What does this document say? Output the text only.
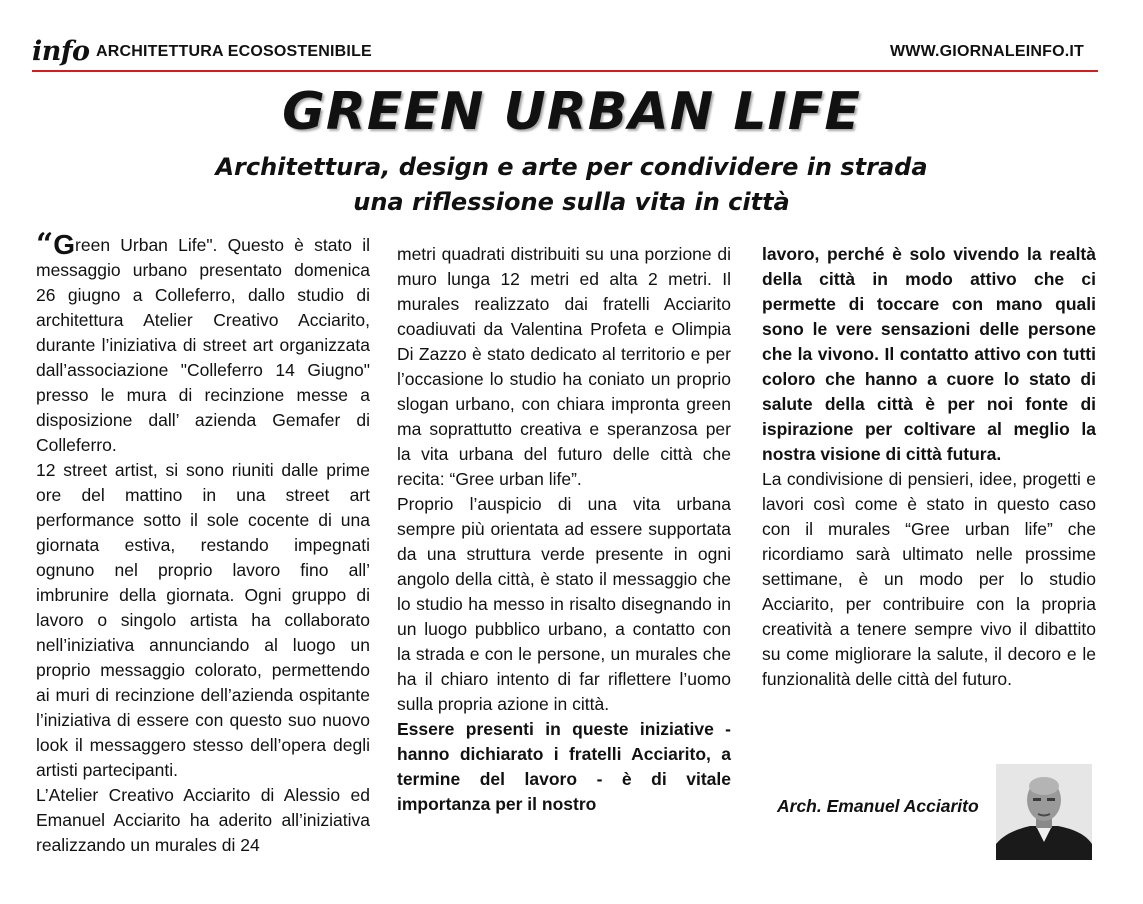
info ARCHITETTURA ECOSOSTENIBILE	WWW.GIORNALEINFO.IT
GREEN URBAN LIFE
Architettura, design e arte per condividere in strada
una riflessione sulla vita in città

“Green Urban Life". Questo è stato il messaggio urbano presentato domenica 26 giugno a Colleferro, dallo studio di architettura Atelier Creativo Acciarito, durante l’iniziativa di street art organizzata dall’associazione "Colleferro 14 Giugno" presso le mura di recinzione messe a disposizione dall’ azienda Gemafer di Colleferro.

12 street artist, si sono riuniti dalle prime ore del mattino in una street art performance sotto il sole cocente di una giornata estiva, restando impegnati ognuno nel proprio lavoro fino all’ imbrunire della giornata. Ogni gruppo di lavoro o singolo artista ha collaborato nell’iniziativa annunciando al luogo un proprio messaggio colorato, permettendo ai muri di recinzione dell’azienda ospitante l’iniziativa di essere con questo suo nuovo look il messaggero stesso dell’opera degli artisti partecipanti.

L’Atelier Creativo Acciarito di Alessio ed Emanuel Acciarito ha aderito all’iniziativa realizzando un murales di 24

metri quadrati distribuiti su una porzione di muro lunga 12 metri ed alta 2 metri. Il murales realizzato dai fratelli Acciarito coadiuvati da Valentina Profeta e Olimpia Di Zazzo è stato dedicato al territorio e per l’occasione lo studio ha coniato un proprio slogan urbano, con chiara impronta green ma soprattutto creativa e speranzosa per la vita urbana del futuro delle città che recita: “Gree urban life”.

Proprio l’auspicio di una vita urbana sempre più orientata ad essere supportata da una struttura verde presente in ogni angolo della città, è stato il messaggio che lo studio ha messo in risalto disegnando in un luogo pubblico urbano, a contatto con la strada e con le persone, un murales che ha il chiaro intento di far riflettere l’uomo sulla propria azione in città.

Essere presenti in queste iniziative - hanno dichiarato i fratelli Acciarito, a termine del lavoro - è di vitale importanza per il nostro

lavoro, perché è solo vivendo la realtà della città in modo attivo che ci permette di toccare con mano quali sono le vere sensazioni delle persone che la vivono. Il contatto attivo con tutti coloro che hanno a cuore lo stato di salute della città è per noi fonte di ispirazione per coltivare al meglio la nostra visione di città futura.

La condivisione di pensieri, idee, progetti e lavori così come è stato in questo caso con il murales “Gree urban life” che ricordiamo sarà ultimato nelle prossime settimane, è un modo per lo studio Acciarito, per contribuire con la propria creatività a tenere sempre vivo il dibattito su come migliorare la salute, il decoro e le funzionalità delle città del futuro.

Arch. Emanuel Acciarito
